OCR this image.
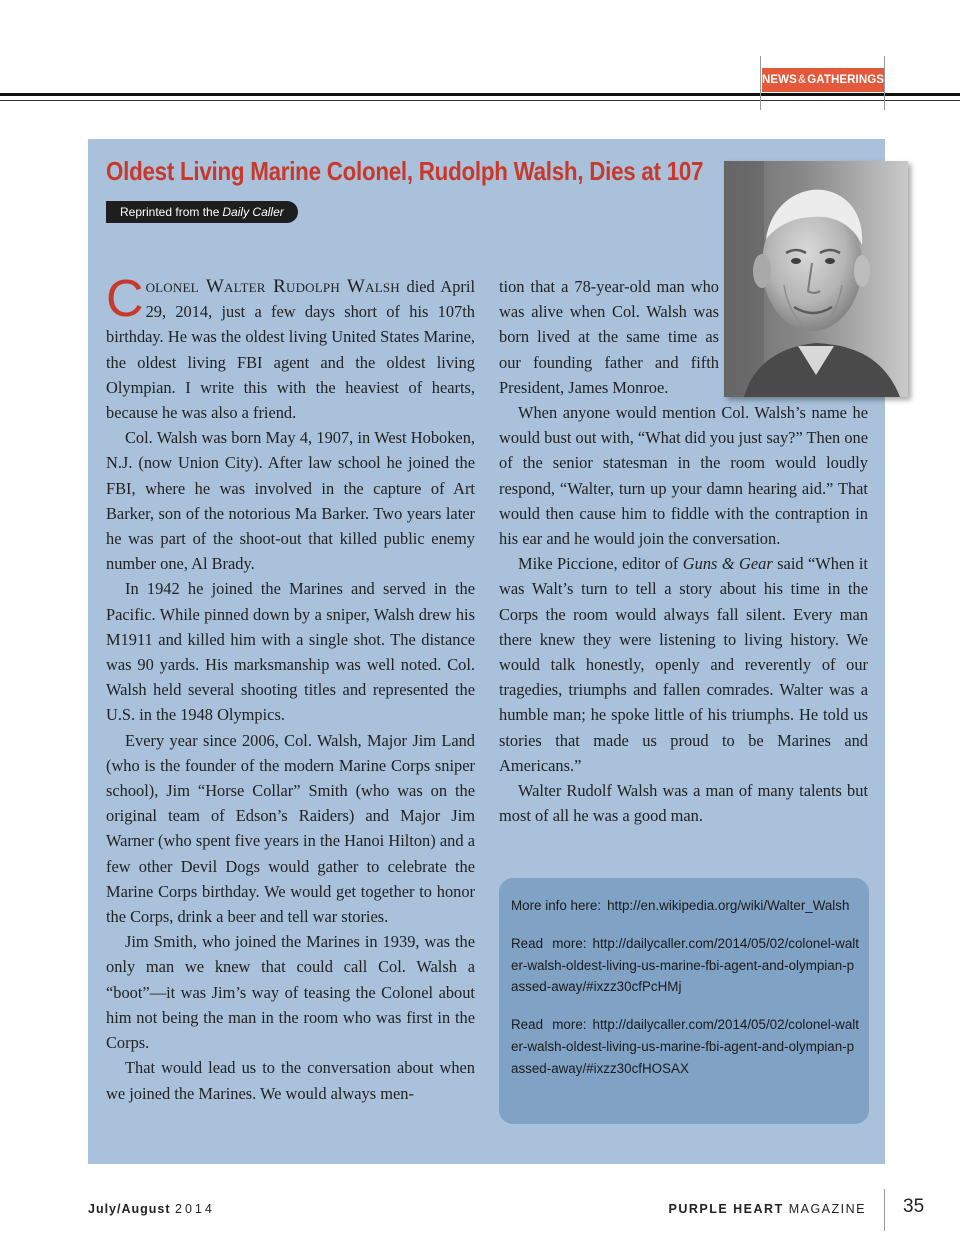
NEWS & GATHERINGS
Oldest Living Marine Colonel, Rudolph Walsh, Dies at 107
Reprinted from the Daily Caller

Colonel Walter Rudolph Walsh died April 29, 2014, just a few days short of his 107th birthday. He was the oldest living United States Marine, the oldest living FBI agent and the oldest living Olympian. I write this with the heaviest of hearts, because he was also a friend.

Col. Walsh was born May 4, 1907, in West Hoboken, N.J. (now Union City). After law school he joined the FBI, where he was involved in the capture of Art Barker, son of the notorious Ma Barker. Two years later he was part of the shoot-out that killed public enemy number one, Al Brady.

In 1942 he joined the Marines and served in the Pacific. While pinned down by a sniper, Walsh drew his M1911 and killed him with a single shot. The distance was 90 yards. His marksmanship was well noted. Col. Walsh held several shooting titles and represented the U.S. in the 1948 Olympics.

Every year since 2006, Col. Walsh, Major Jim Land (who is the founder of the modern Marine Corps sniper school), Jim “Horse Collar” Smith (who was on the original team of Edson’s Raiders) and Major Jim Warner (who spent five years in the Hanoi Hilton) and a few other Devil Dogs would gather to celebrate the Marine Corps birthday. We would get together to honor the Corps, drink a beer and tell war stories.

Jim Smith, who joined the Marines in 1939, was the only man we knew that could call Col. Walsh a “boot”—it was Jim’s way of teasing the Colonel about him not being the man in the room who was first in the Corps.

That would lead us to the conversation about when we joined the Marines. We would always men-

tion that a 78-year-old man who was alive when Col. Walsh was born lived at the same time as our founding father and fifth President, James Monroe.

When anyone would mention Col. Walsh’s name he would bust out with, “What did you just say?” Then one of the senior statesman in the room would loudly respond, “Walter, turn up your damn hearing aid.” That would then cause him to fiddle with the contraption in his ear and he would join the conversation.

Mike Piccione, editor of Guns & Gear said “When it was Walt’s turn to tell a story about his time in the Corps the room would always fall silent. Every man there knew they were listening to living history. We would talk honestly, openly and reverently of our tragedies, triumphs and fallen comrades. Walter was a humble man; he spoke little of his triumphs. He told us stories that made us proud to be Marines and Americans.”

Walter Rudolf Walsh was a man of many talents but most of all he was a good man.

More info here: http://en.wikipedia.org/wiki/Walter_Walsh

Read more: http://dailycaller.com/2014/05/02/colonel-walter-walsh-oldest-living-us-marine-fbi-agent-and-olympian-passed-away/#ixzz30cfPcHMj

Read more: http://dailycaller.com/2014/05/02/colonel-walter-walsh-oldest-living-us-marine-fbi-agent-and-olympian-passed-away/#ixzz30cfHOSAX

July/August 2014	PURPLE HEART MAGAZINE 35
